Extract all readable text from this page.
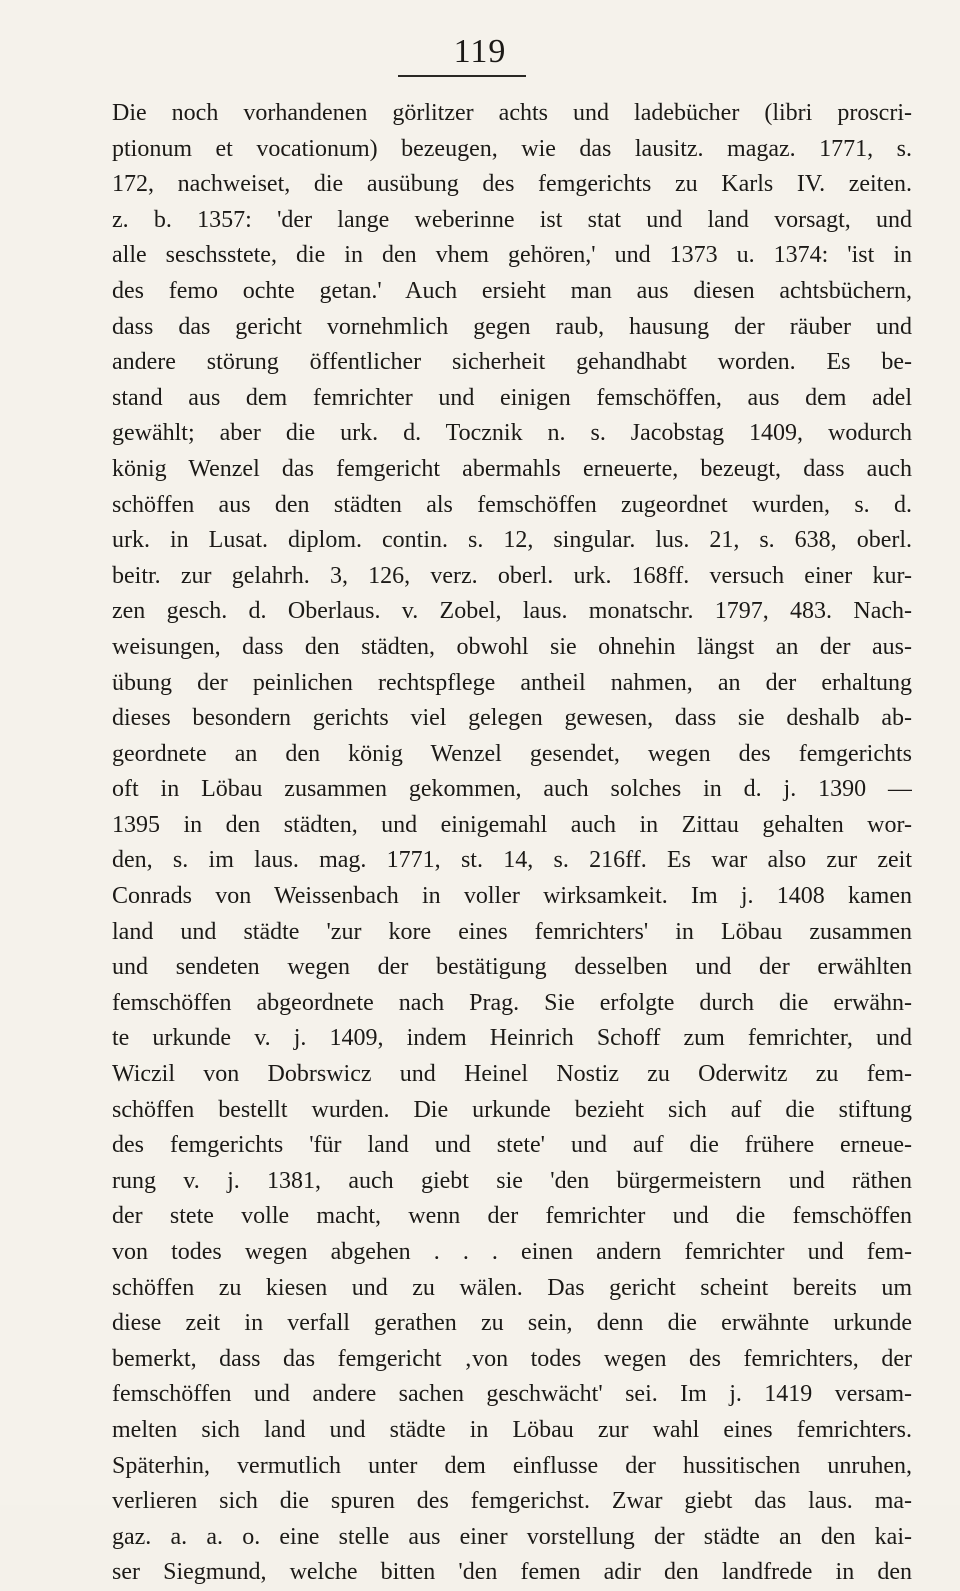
119
Die noch vorhandenen görlitzer achts und ladebücher (libri proscri-
ptionum et vocationum) bezeugen, wie das lausitz. magaz. 1771, s.
172, nachweiset, die ausübung des femgerichts zu Karls IV. zeiten.
z. b. 1357: 'der lange weberinne ist stat und land vorsagt, und
alle seschsstete, die in den vhem gehören,' und 1373 u. 1374: 'ist in
des femo ochte getan.' Auch ersieht man aus diesen achtsbüchern,
dass das gericht vornehmlich gegen raub, hausung der räuber und
andere störung öffentlicher sicherheit gehandhabt worden. Es be-
stand aus dem femrichter und einigen femschöffen, aus dem adel
gewählt; aber die urk. d. Tocznik n. s. Jacobstag 1409, wodurch
könig Wenzel das femgericht abermahls erneuerte, bezeugt, dass auch
schöffen aus den städten als femschöffen zugeordnet wurden, s. d.
urk. in Lusat. diplom. contin. s. 12, singular. lus. 21, s. 638, oberl.
beitr. zur gelahrh. 3, 126, verz. oberl. urk. 168ff. versuch einer kur-
zen gesch. d. Oberlaus. v. Zobel, laus. monatschr. 1797, 483. Nach-
weisungen, dass den städten, obwohl sie ohnehin längst an der aus-
übung der peinlichen rechtspflege antheil nahmen, an der erhaltung
dieses besondern gerichts viel gelegen gewesen, dass sie deshalb ab-
geordnete an den könig Wenzel gesendet, wegen des femgerichts
oft in Löbau zusammen gekommen, auch solches in d. j. 1390 —
1395 in den städten, und einigemahl auch in Zittau gehalten wor-
den, s. im laus. mag. 1771, st. 14, s. 216ff. Es war also zur zeit
Conrads von Weissenbach in voller wirksamkeit. Im j. 1408 kamen
land und städte 'zur kore eines femrichters' in Löbau zusammen
und sendeten wegen der bestätigung desselben und der erwählten
femschöffen abgeordnete nach Prag. Sie erfolgte durch die erwähn-
te urkunde v. j. 1409, indem Heinrich Schoff zum femrichter, und
Wiczil von Dobrswicz und Heinel Nostiz zu Oderwitz zu fem-
schöffen bestellt wurden. Die urkunde bezieht sich auf die stiftung
des femgerichts 'für land und stete' und auf die frühere erneue-
rung v. j. 1381, auch giebt sie 'den bürgermeistern und räthen
der stete volle macht, wenn der femrichter und die femschöffen
von todes wegen abgehen . . . einen andern femrichter und fem-
schöffen zu kiesen und zu wälen. Das gericht scheint bereits um
diese zeit in verfall gerathen zu sein, denn die erwähnte urkunde
bemerkt, dass das femgericht ‚von todes wegen des femrichters, der
femschöffen und andere sachen geschwächt' sei. Im j. 1419 versam-
melten sich land und städte in Löbau zur wahl eines femrichters.
Späterhin, vermutlich unter dem einflusse der hussitischen unruhen,
verlieren sich die spuren des femgerichst. Zwar giebt das laus. ma-
gaz. a. a. o. eine stelle aus einer vorstellung der städte an den kai-
ser Siegmund, welche bitten 'den femen adir den landfrede in den
